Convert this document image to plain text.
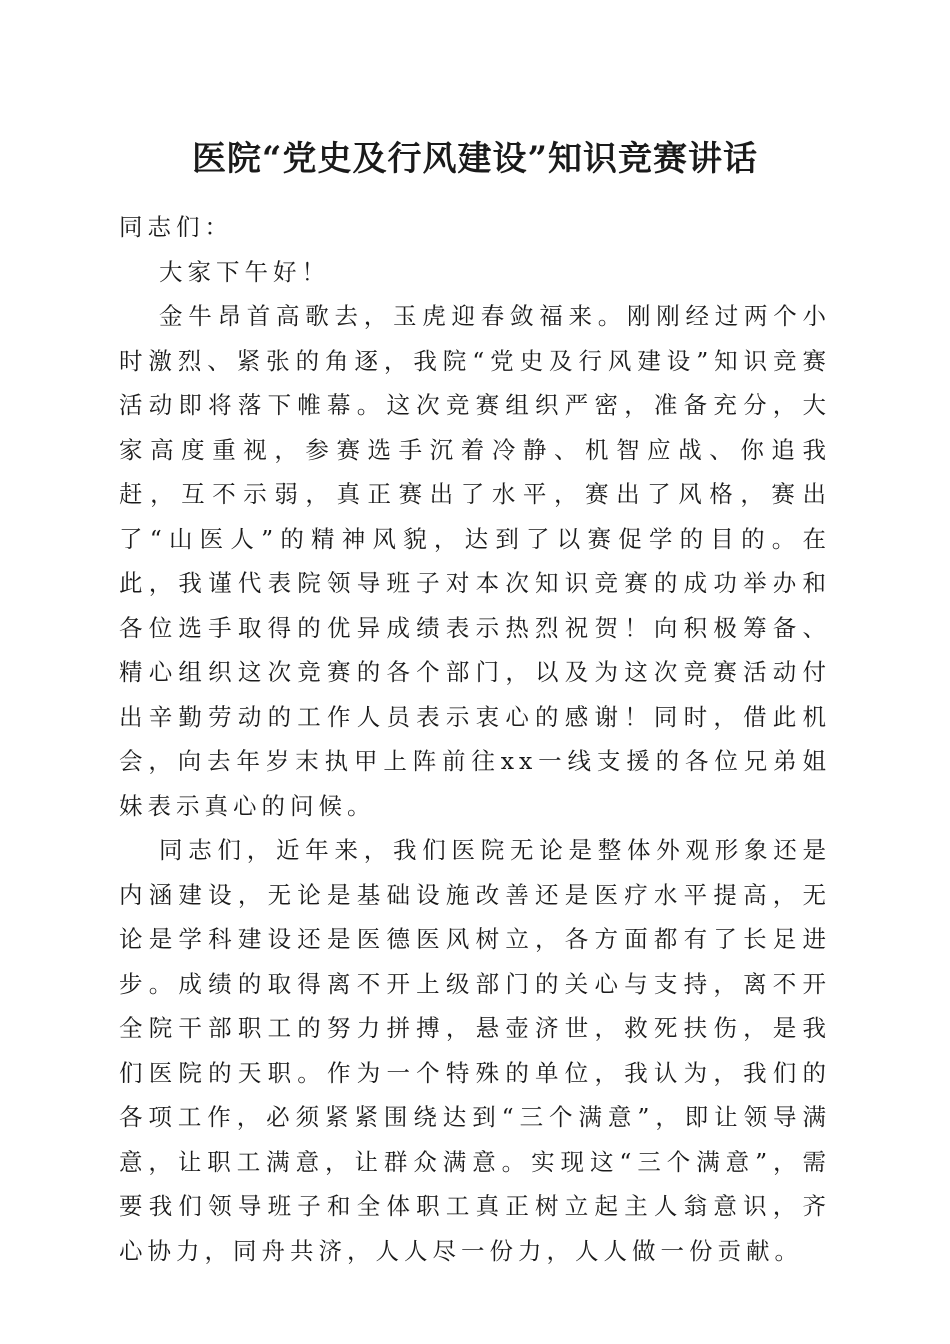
医院“党史及行风建设”知识竞赛讲话

同志们：

大家下午好！

金牛昂首高歌去，玉虎迎春敛福来。刚刚经过两个小时激烈、紧张的角逐，我院“党史及行风建设”知识竞赛活动即将落下帷幕。这次竞赛组织严密，准备充分，大家高度重视，参赛选手沉着冷静、机智应战、你追我赶，互不示弱，真正赛出了水平，赛出了风格，赛出了“山医人”的精神风貌，达到了以赛促学的目的。在此，我谨代表院领导班子对本次知识竞赛的成功举办和各位选手取得的优异成绩表示热烈祝贺！向积极筹备、精心组织这次竞赛的各个部门，以及为这次竞赛活动付出辛勤劳动的工作人员表示衷心的感谢！同时，借此机会，向去年岁末执甲上阵前往xx一线支援的各位兄弟姐妹表示真心的问候。

同志们，近年来，我们医院无论是整体外观形象还是内涵建设，无论是基础设施改善还是医疗水平提高，无论是学科建设还是医德医风树立，各方面都有了长足进步。成绩的取得离不开上级部门的关心与支持，离不开全院干部职工的努力拼搏，悬壶济世，救死扶伤，是我们医院的天职。作为一个特殊的单位，我认为，我们的各项工作，必须紧紧围绕达到“三个满意”，即让领导满意，让职工满意，让群众满意。实现这“三个满意”，需要我们领导班子和全体职工真正树立起主人翁意识，齐心协力，同舟共济，人人尽一份力，人人做一份贡献。
